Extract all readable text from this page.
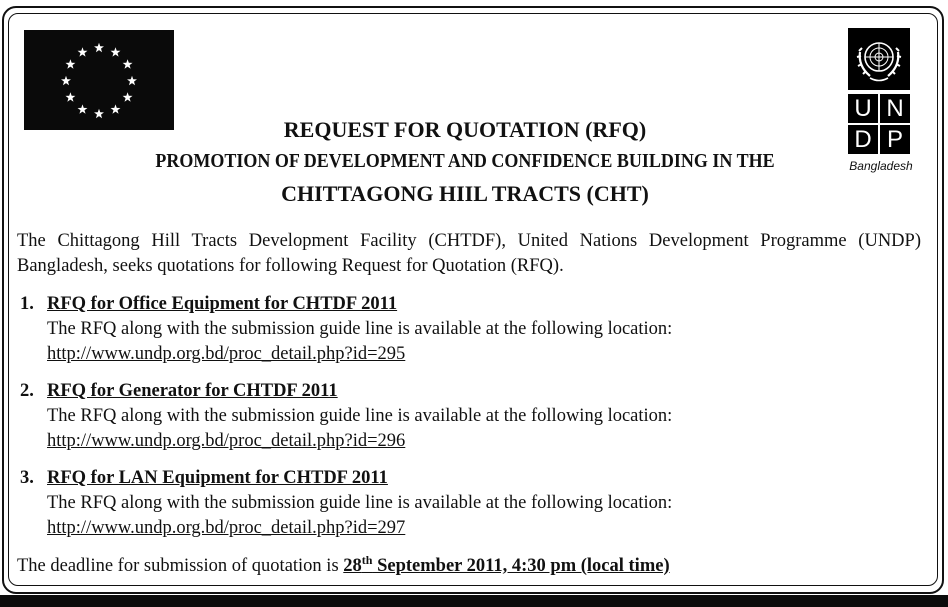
U N
D P
Bangladesh
REQUEST FOR QUOTATION (RFQ)
PROMOTION OF DEVELOPMENT AND CONFIDENCE BUILDING IN THE
CHITTAGONG HIIL TRACTS (CHT)
The Chittagong Hill Tracts Development Facility (CHTDF), United Nations Development Programme (UNDP) Bangladesh, seeks quotations for following Request for Quotation (RFQ).
1. RFQ for Office Equipment for CHTDF 2011
The RFQ along with the submission guide line is available at the following location:
http://www.undp.org.bd/proc_detail.php?id=295
2. RFQ for Generator for CHTDF 2011
The RFQ along with the submission guide line is available at the following location:
http://www.undp.org.bd/proc_detail.php?id=296
3. RFQ for LAN Equipment for CHTDF 2011
The RFQ along with the submission guide line is available at the following location:
http://www.undp.org.bd/proc_detail.php?id=297
The deadline for submission of quotation is 28th September 2011, 4:30 pm (local time)
